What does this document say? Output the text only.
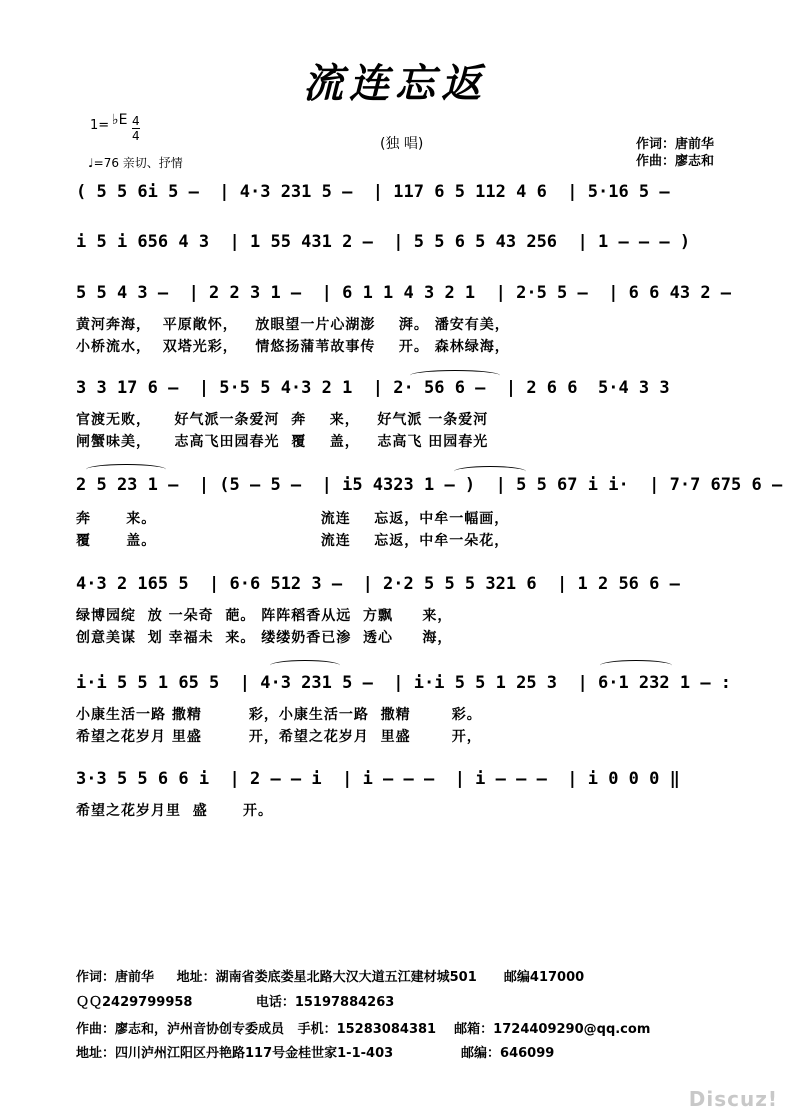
流连忘返
1= ♭E 4
4
♩=76 亲切、抒情
(独 唱)	作词：唐前华
作曲：廖志和
( 5 5 6i 5 –  | 4·3 231 5 –  | 117 6 5 112 4 6  | 5·16 5 –
i 5 i 656 4 3  | 1 55 431 2 –  | 5 5 6 5 43 256  | 1 – – – )
5 5 4 3 –  | 2 2 3 1 –  | 6 1 1 4 3 2 1  | 2·5 5 –  | 6 6 43 2 –
黄河奔海，  平原敞怀，   放眼望一片心湖澎    湃。 潘安有美，
小桥流水，  双塔光彩，   情悠扬蒲苇故事传    开。 森林绿海，
3 3 17 6 –  | 5·5 5 4·3 2 1  | 2· 56 6 –  | 2 6 6  5·4 3 3
官渡无败，    好气派一条爱河  奔    来，   好气派 一条爱河
闸蟹味美，    志高飞田园春光  覆    盖，   志高飞 田园春光
2 5 23 1 –  | (5 – 5 –  | i5 4323 1 – )  | 5 5 67 i i·  | 7·7 675 6 –
奔      来。                            流连    忘返，中牟一幅画，
覆      盖。                            流连    忘返，中牟一朵花，
4·3 2 165 5  | 6·6 512 3 –  | 2·2 5 5 5 321 6  | 1 2 56 6 –
绿博园绽  放 一朵奇  葩。 阵阵稻香从远  方飘     来，
创意美谋  划 幸福未  来。 缕缕奶香已渗  透心     海，
i·i 5 5 1 65 5  | 4·3 231 5 –  | i·i 5 5 1 25 3  | 6·1 232 1 – :
小康生活一路 撒精        彩，小康生活一路  撒精       彩。
希望之花岁月 里盛        开，希望之花岁月  里盛       开，
3·3 5 5 6 6 i  | 2 – – i  | i – – –  | i – – –  | i 0 0 0 ‖
希望之花岁月里  盛      开。
作词：唐前华     地址：湖南省娄底娄星北路大汉大道五江建材城501      邮编417000
ＱＱ2429799958              电话：15197884263
作曲：廖志和，泸州音协创专委成员   手机：15283084381    邮箱：1724409290@qq.com
地址：四川泸州江阳区丹艳路117号金桂世家1-1-403               邮编：646099
Discuz!
